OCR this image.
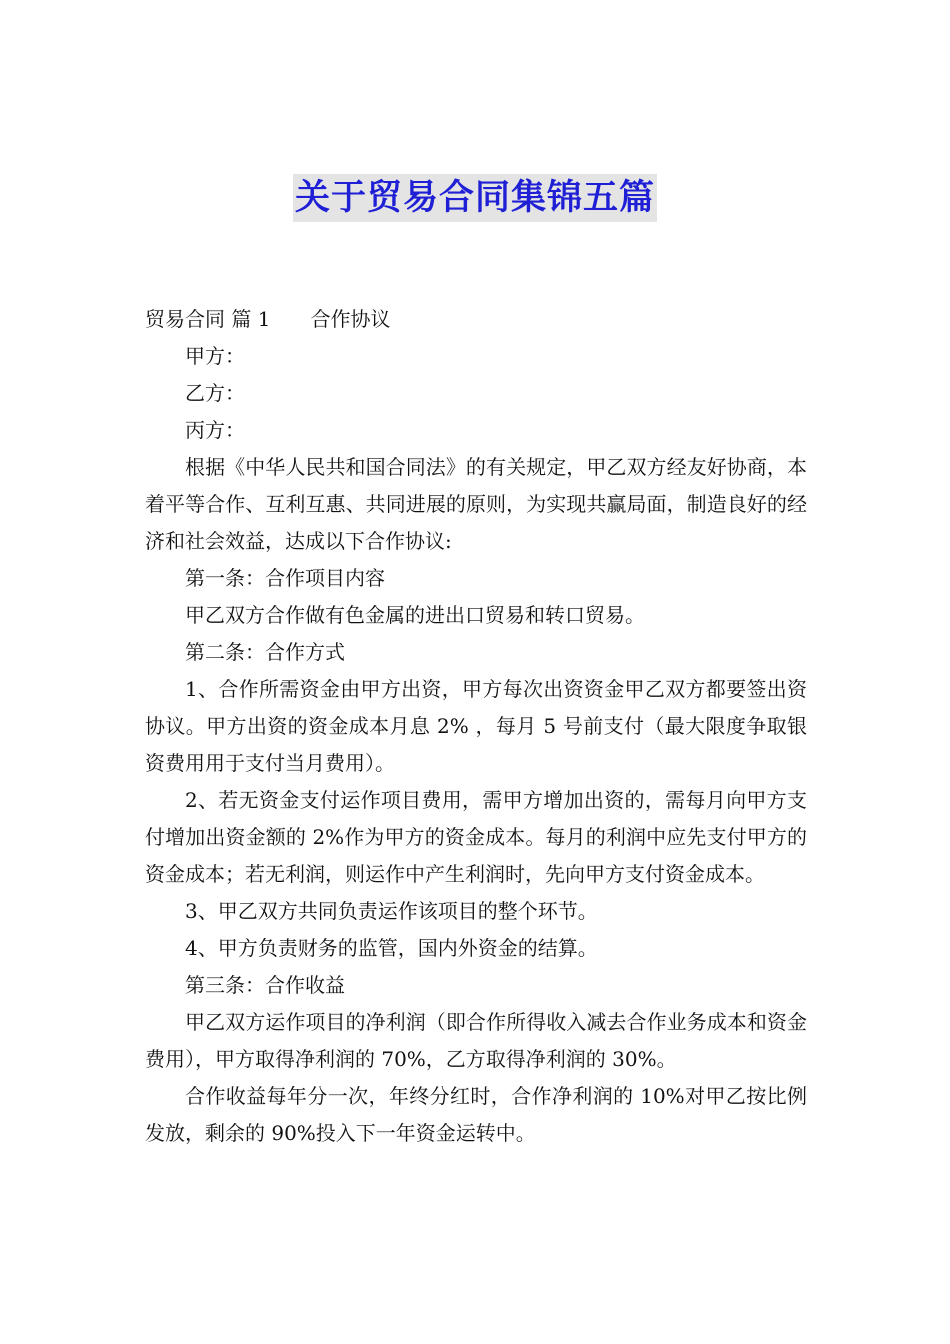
关于贸易合同集锦五篇

贸易合同 篇 1 合作协议

甲方：

乙方：

丙方：

根据《中华人民共和国合同法》的有关规定，甲乙双方经友好协商，本着平等合作、互利互惠、共同进展的原则，为实现共赢局面，制造良好的经济和社会效益，达成以下合作协议:

第一条：合作项目内容

甲乙双方合作做有色金属的进出口贸易和转口贸易。

第二条：合作方式

1、合作所需资金由甲方出资，甲方每次出资资金甲乙双方都要签出资协议。甲方出资的资金成本月息 2% ，每月 5 号前支付（最大限度争取银资费用用于支付当月费用）。

2、若无资金支付运作项目费用，需甲方增加出资的，需每月向甲方支付增加出资金额的 2%作为甲方的资金成本。每月的利润中应先支付甲方的资金成本；若无利润，则运作中产生利润时，先向甲方支付资金成本。

3、甲乙双方共同负责运作该项目的整个环节。

4、甲方负责财务的监管，国内外资金的结算。

第三条：合作收益

甲乙双方运作项目的净利润（即合作所得收入减去合作业务成本和资金费用），甲方取得净利润的 70%，乙方取得净利润的 30%。

合作收益每年分一次，年终分红时，合作净利润的 10%对甲乙按比例发放，剩余的 90%投入下一年资金运转中。
